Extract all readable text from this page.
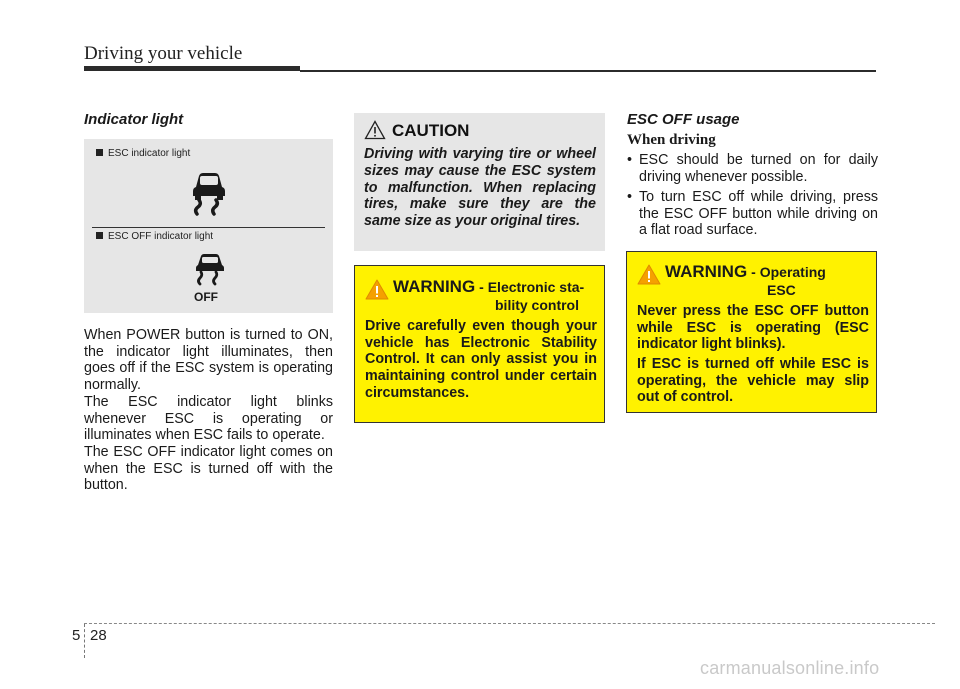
Driving your vehicle
Indicator light
ESC indicator light
ESC OFF indicator light
OFF
When POWER button is turned to ON, the indicator light illuminates, then goes off if the ESC system is operating normally.
The ESC indicator light blinks whenever ESC is operating or illuminates when ESC fails to operate.
The ESC OFF indicator light comes on when the ESC is turned off with the button.
CAUTION
Driving with varying tire or wheel sizes may cause the ESC system to malfunction. When replacing tires, make sure they are the same size as your original tires.
WARNING - Electronic sta-
bility control
Drive carefully even though your vehicle has Electronic Stability Control. It can only assist you in maintaining control under certain circumstances.
ESC OFF usage
When driving
• ESC should be turned on for daily driving whenever possible.
• To turn ESC off while driving, press the ESC OFF button while driving on a flat road surface.
WARNING - Operating
ESC
Never press the ESC OFF button while ESC is operating (ESC indicator light blinks).
If ESC is turned off while ESC is operating, the vehicle may slip out of control.
5 28
carmanualsonline.info
